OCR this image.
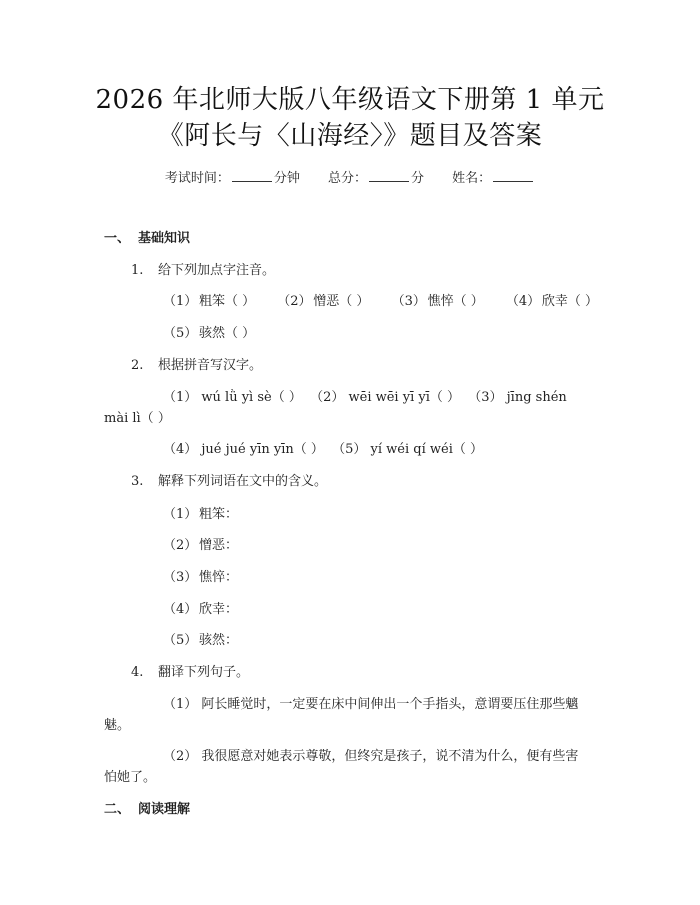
2026 年北师大版八年级语文下册第 1 单元
《阿长与〈山海经〉》题目及答案
考试时间：	分钟 总分：	分 姓名：
一、 基础知识
1. 给下列加点字注音。
（1） 粗笨（ ） （2） 憎恶（ ） （3） 憔悴（ ） （4） 欣幸（ ）
（5） 骇然（ ）
2. 根据拼音写汉字。
（1） wú lǜ yì sè（ ）  （2） wēi wēi yī yī（ ）  （3） jīng shén
mài lì（ ）
（4） jué jué yīn yīn（ ）  （5） yí wéi qí wéi（ ）
3. 解释下列词语在文中的含义。
（1） 粗笨：
（2） 憎恶：
（3） 憔悴：
（4） 欣幸：
（5） 骇然：
4. 翻译下列句子。
（1） 阿长睡觉时，一定要在床中间伸出一个手指头，意谓要压住那些魑
魅。
（2） 我很愿意对她表示尊敬，但终究是孩子，说不清为什么，便有些害
怕她了。
二、 阅读理解
